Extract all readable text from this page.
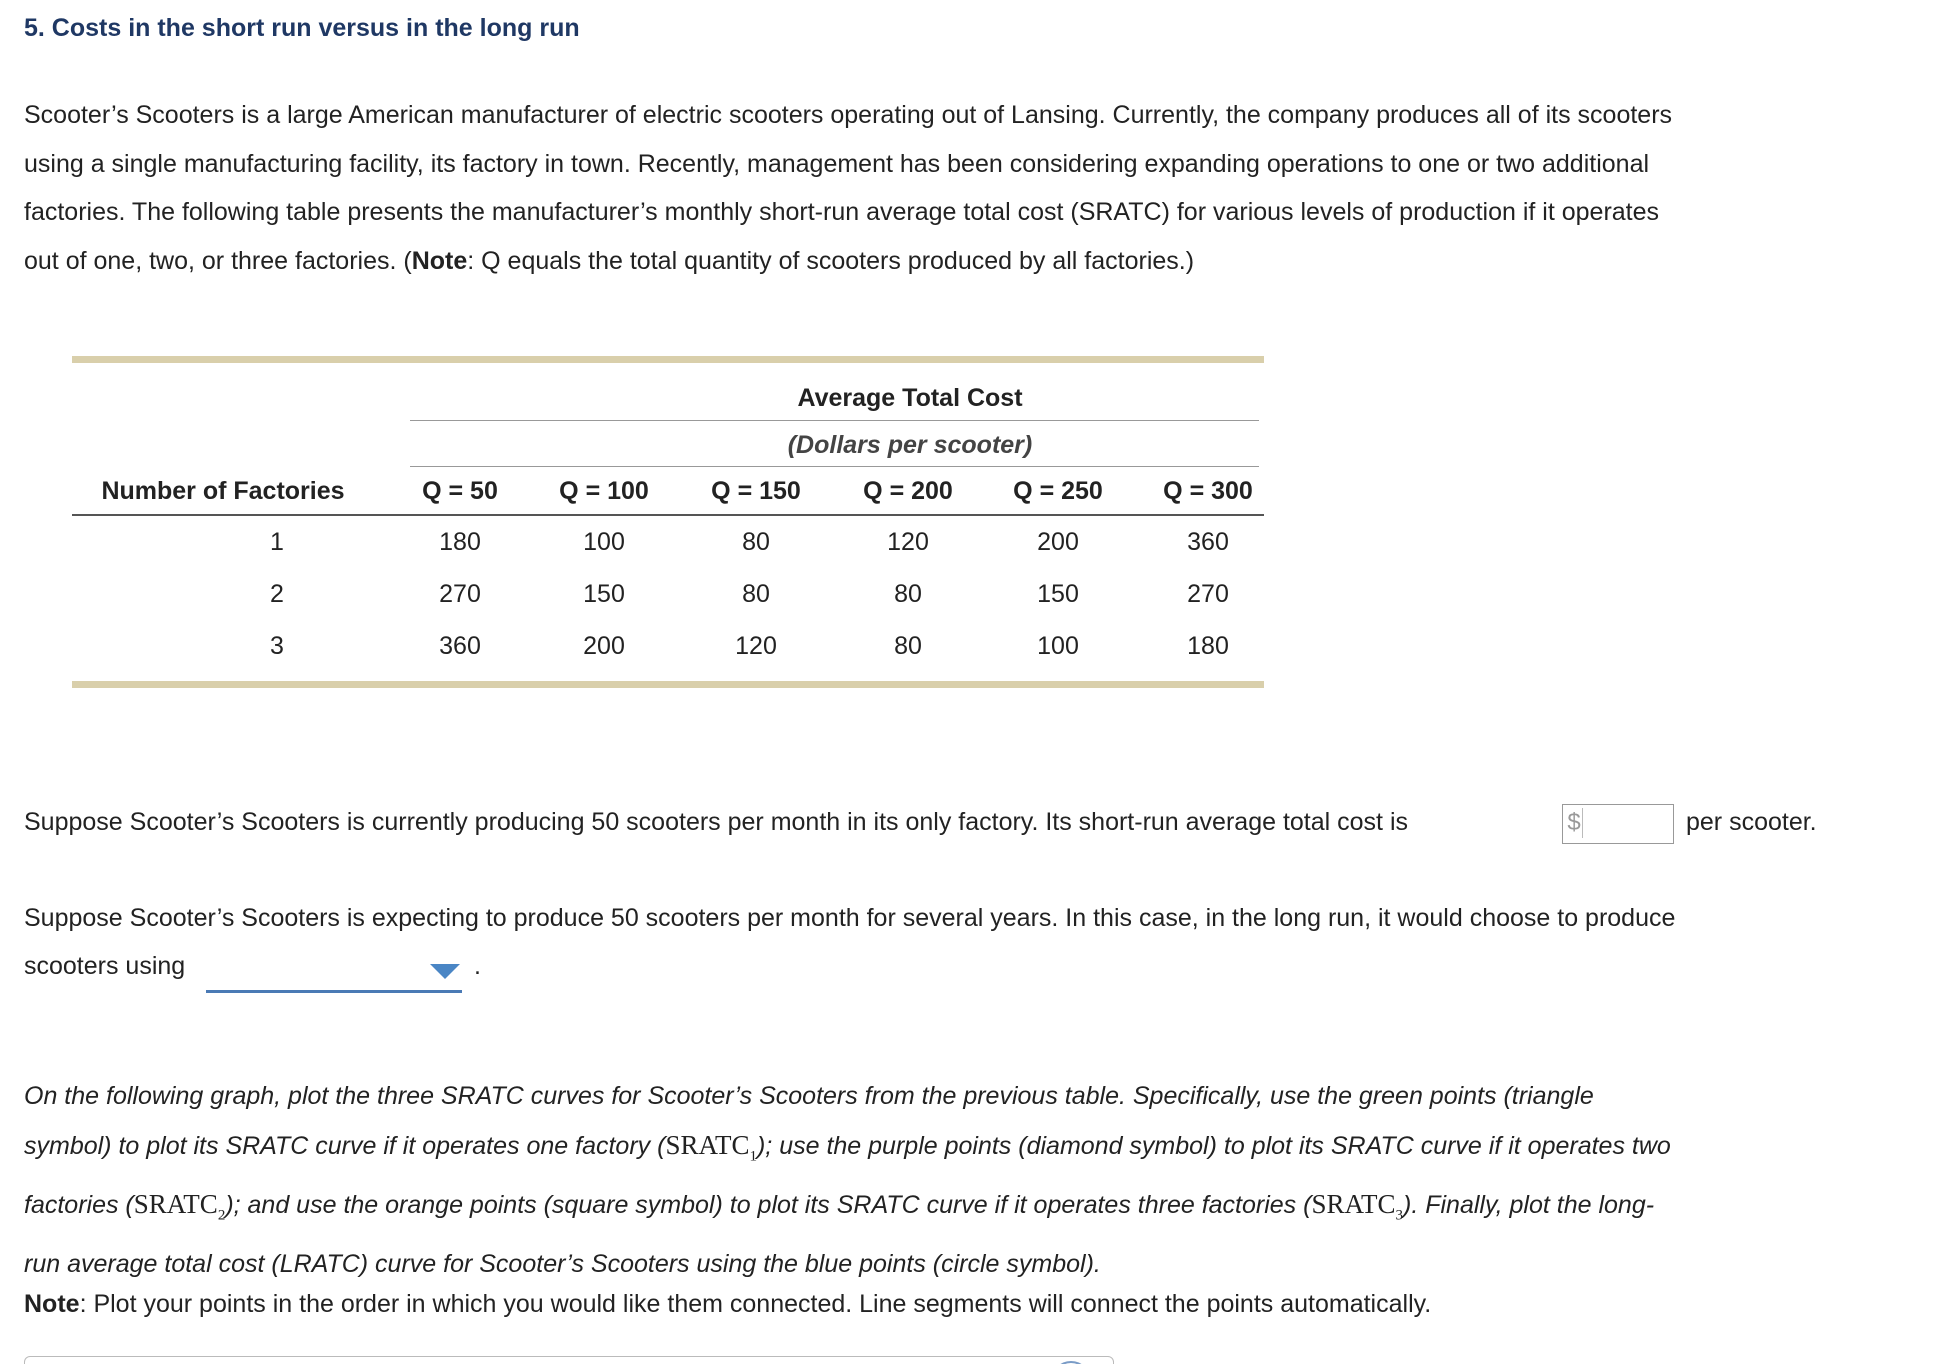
5. Costs in the short run versus in the long run
Scooter’s Scooters is a large American manufacturer of electric scooters operating out of Lansing. Currently, the company produces all of its scooters
using a single manufacturing facility, its factory in town. Recently, management has been considering expanding operations to one or two additional
factories. The following table presents the manufacturer’s monthly short-run average total cost (SRATC) for various levels of production if it operates
out of one, two, or three factories. (Note: Q equals the total quantity of scooters produced by all factories.)
Average Total Cost
(Dollars per scooter)
Number of Factories	Q = 50	Q = 100	Q = 150	Q = 200	Q = 250	Q = 300
1	180	100	80	120	200	360
2	270	150	80	80	150	270
3	360	200	120	80	100	180
Suppose Scooter’s Scooters is currently producing 50 scooters per month in its only factory. Its short-run average total cost is	$	per scooter.
Suppose Scooter’s Scooters is expecting to produce 50 scooters per month for several years. In this case, in the long run, it would choose to produce
scooters using	.
On the following graph, plot the three SRATC curves for Scooter’s Scooters from the previous table. Specifically, use the green points (triangle
symbol) to plot its SRATC curve if it operates one factory $(SRATC_1)$; use the purple points (diamond symbol) to plot its SRATC curve if it operates two
factories $(SRATC_2)$; and use the orange points (square symbol) to plot its SRATC curve if it operates three factories $(SRATC_3)$. Finally, plot the long-
run average total cost (LRATC) curve for Scooter’s Scooters using the blue points (circle symbol).
Note: Plot your points in the order in which you would like them connected. Line segments will connect the points automatically.
